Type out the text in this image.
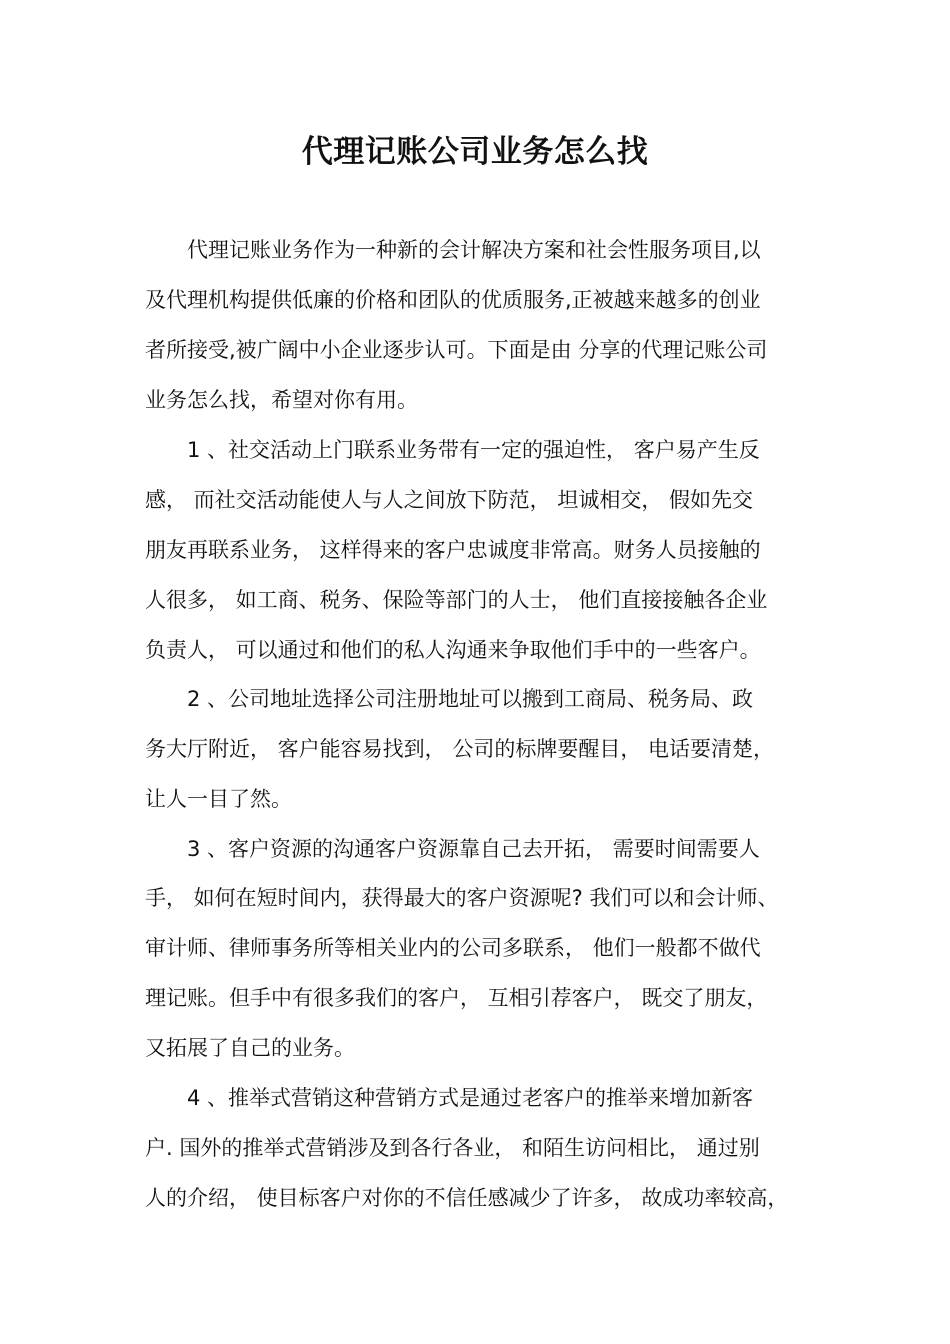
代理记账公司业务怎么找

代理记账业务作为一种新的会计解决方案和社会性服务项目,以

及代理机构提供低廉的价格和团队的优质服务,正被越来越多的创业

者所接受,被广阔中小企业逐步认可。下面是由 分享的代理记账公司

业务怎么找，希望对你有用。

1 、社交活动上门联系业务带有一定的强迫性， 客户易产生反

感， 而社交活动能使人与人之间放下防范， 坦诚相交， 假如先交

朋友再联系业务， 这样得来的客户忠诚度非常高。财务人员接触的

人很多， 如工商、税务、保险等部门的人士， 他们直接接触各企业

负责人， 可以通过和他们的私人沟通来争取他们手中的一些客户。

2 、公司地址选择公司注册地址可以搬到工商局、税务局、政

务大厅附近， 客户能容易找到， 公司的标牌要醒目， 电话要清楚，

让人一目了然。

3 、客户资源的沟通客户资源靠自己去开拓， 需要时间需要人

手， 如何在短时间内，获得最大的客户资源呢? 我们可以和会计师、

审计师、律师事务所等相关业内的公司多联系， 他们一般都不做代

理记账。但手中有很多我们的客户， 互相引荐客户， 既交了朋友，

又拓展了自己的业务。

4 、推举式营销这种营销方式是通过老客户的推举来增加新客

户. 国外的推举式营销涉及到各行各业， 和陌生访问相比， 通过别

人的介绍， 使目标客户对你的不信任感减少了许多， 故成功率较高，
